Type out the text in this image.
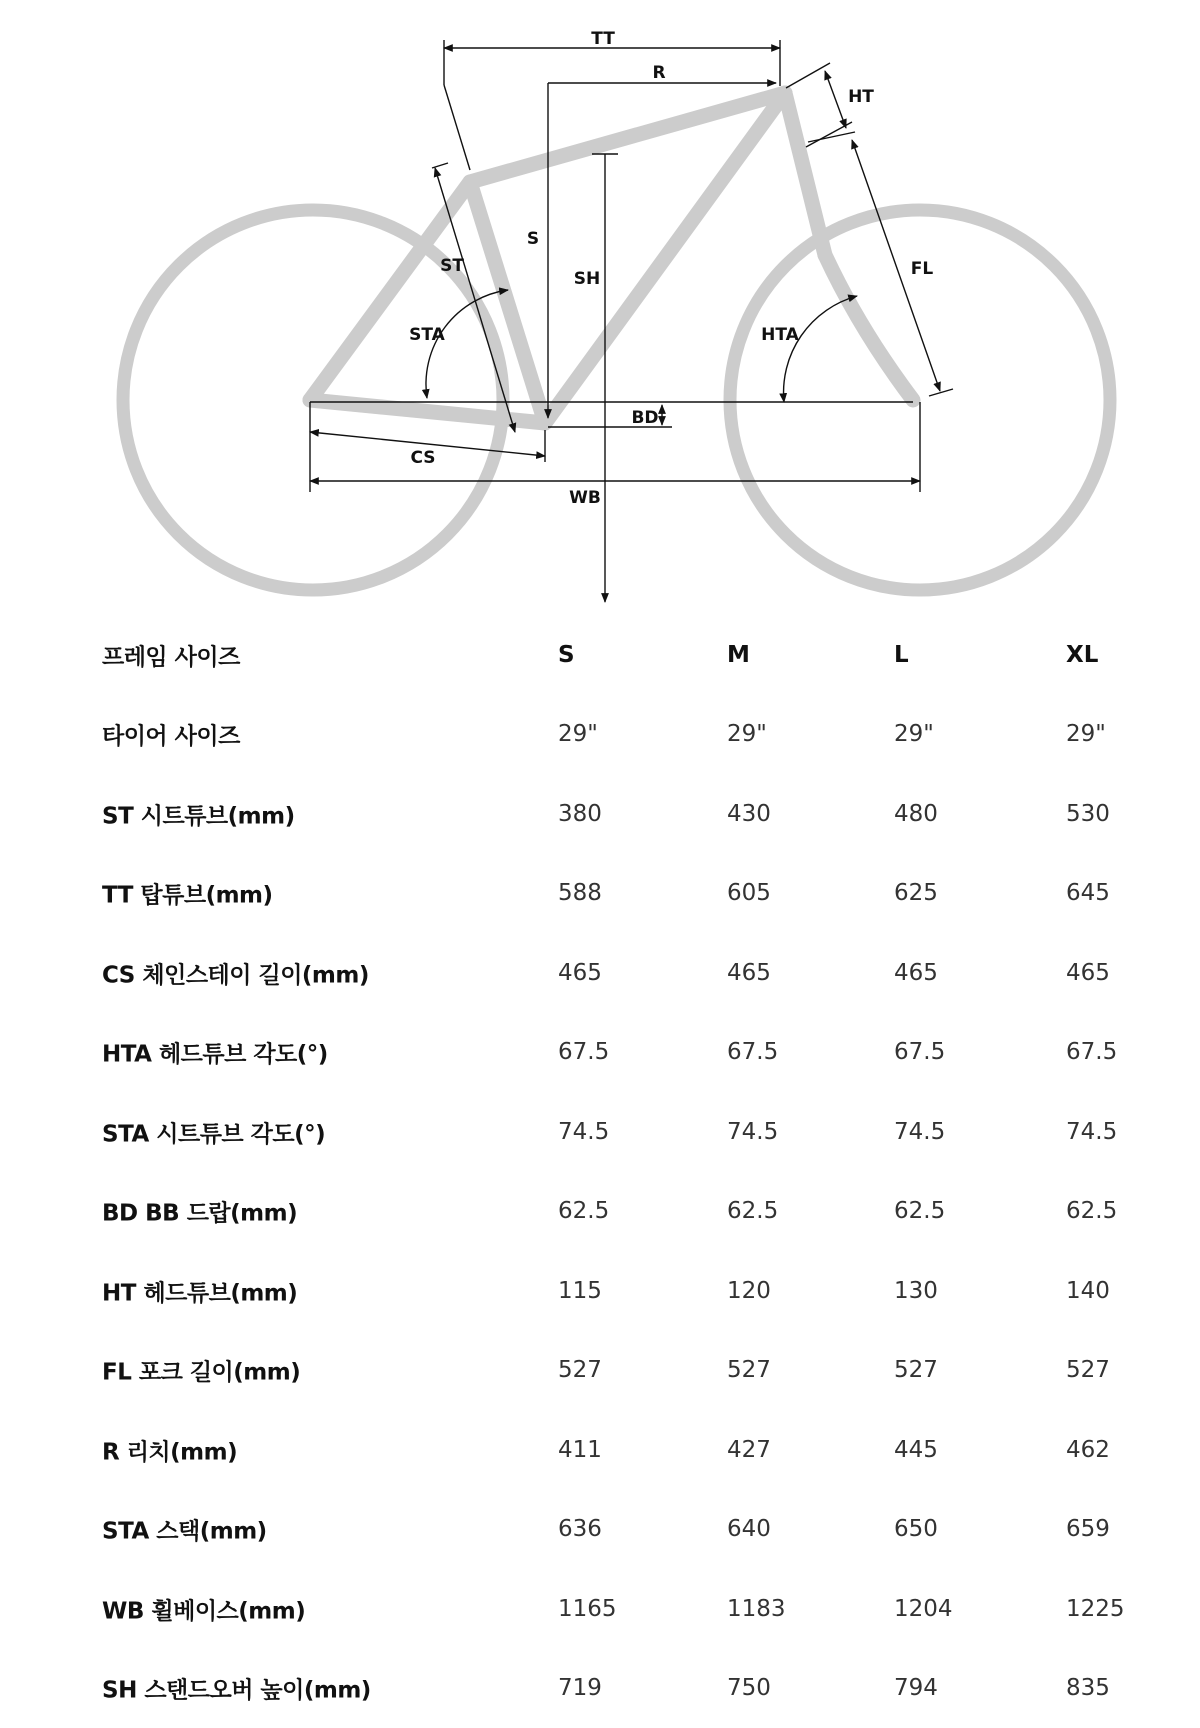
TT
R
HT
S
ST
SH	FL
STA	HTA
BD
CS
WB
프레임 사이즈	S	M	L	XL
타이어 사이즈	29"	29"	29"	29"
ST 시트튜브(mm)	380	430	480	530
TT 탑튜브(mm)	588	605	625	645
CS 체인스테이 길이(mm)	465	465	465	465
HTA 헤드튜브 각도(°)	67.5	67.5	67.5	67.5
STA 시트튜브 각도(°)	74.5	74.5	74.5	74.5
BD BB 드랍(mm)	62.5	62.5	62.5	62.5
HT 헤드튜브(mm)	115	120	130	140
FL 포크 길이(mm)	527	527	527	527
R 리치(mm)	411	427	445	462
STA 스택(mm)	636	640	650	659
WB 휠베이스(mm)	1165	1183	1204	1225
SH 스탠드오버 높이(mm)	719	750	794	835
